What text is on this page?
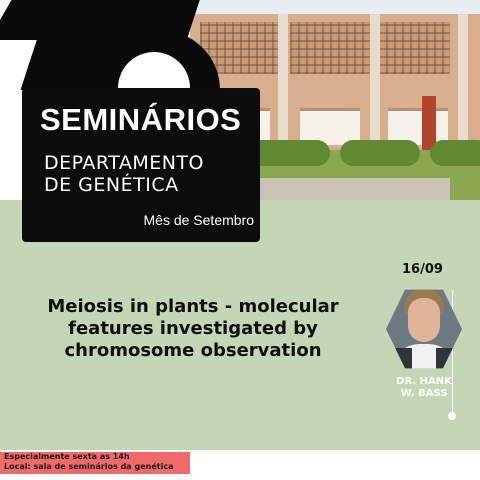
SEMINÁRIOS
DEPARTAMENTO
DE GENÉTICA
Mês de Setembro
16/09
Meiosis in plants - molecular
features investigated by
chromosome observation
DR. HANK
W. BASS
Especialmente sexta as 14h
Local: sala de seminários da genética
